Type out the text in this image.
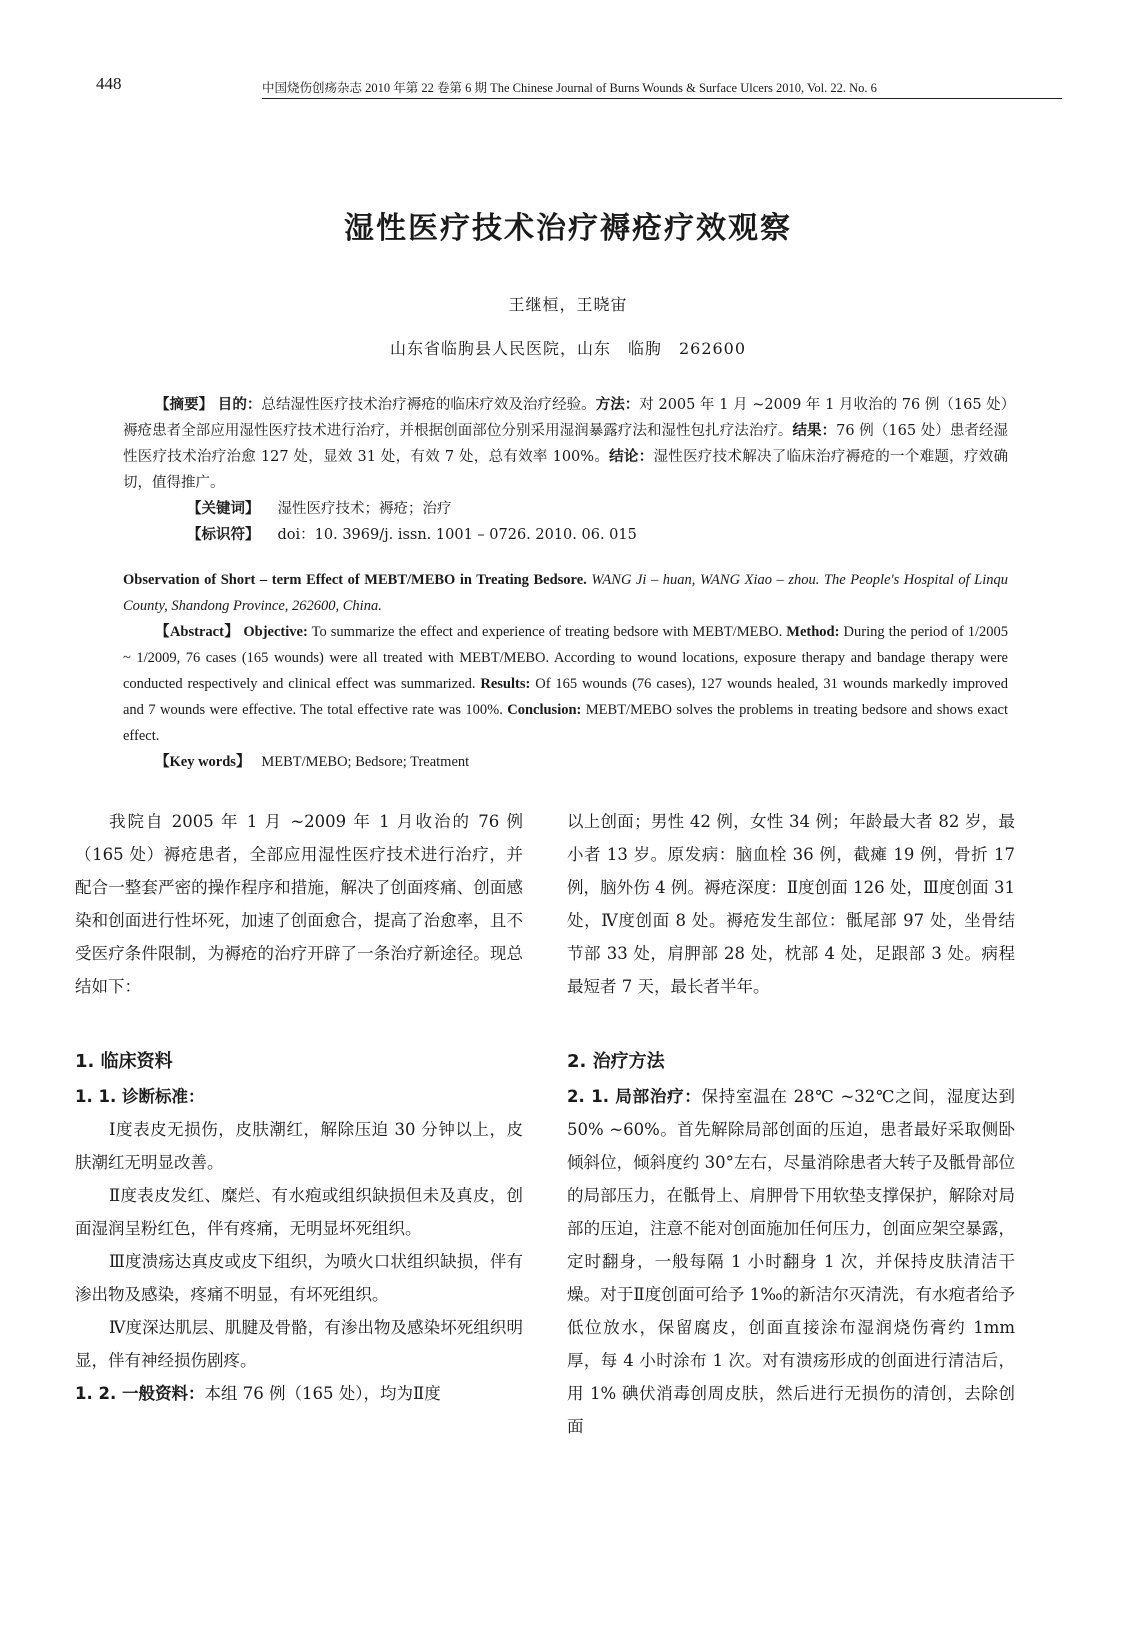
448	中国烧伤创疡杂志 2010 年第 22 卷第 6 期 The Chinese Journal of Burns Wounds & Surface Ulcers 2010, Vol. 22. No. 6
湿性医疗技术治疗褥疮疗效观察
王继桓，王晓宙
山东省临朐县人民医院，山东　临朐　262600

【摘要】 目的：总结湿性医疗技术治疗褥疮的临床疗效及治疗经验。方法：对 2005 年 1 月 ~2009 年 1 月收治的 76 例（165 处）褥疮患者全部应用湿性医疗技术进行治疗，并根据创面部位分别采用湿润暴露疗法和湿性包扎疗法治疗。结果：76 例（165 处）患者经湿性医疗技术治疗治愈 127 处，显效 31 处，有效 7 处，总有效率 100%。结论：湿性医疗技术解决了临床治疗褥疮的一个难题，疗效确切，值得推广。

【关键词】 湿性医疗技术；褥疮；治疗

【标识符】 doi：10. 3969/j. issn. 1001 – 0726. 2010. 06. 015

Observation of Short – term Effect of MEBT/MEBO in Treating Bedsore. WANG Ji – huan, WANG Xiao – zhou. The People's Hospital of Linqu County, Shandong Province, 262600, China.

【Abstract】 Objective: To summarize the effect and experience of treating bedsore with MEBT/MEBO. Method: During the period of 1/2005 ~ 1/2009, 76 cases (165 wounds) were all treated with MEBT/MEBO. According to wound locations, exposure therapy and bandage therapy were conducted respectively and clinical effect was summarized. Results: Of 165 wounds (76 cases), 127 wounds healed, 31 wounds markedly improved and 7 wounds were effective. The total effective rate was 100%. Conclusion: MEBT/MEBO solves the problems in treating bedsore and shows exact effect.

【Key words】 MEBT/MEBO; Bedsore; Treatment

我院自 2005 年 1 月 ~2009 年 1 月收治的 76 例（165 处）褥疮患者，全部应用湿性医疗技术进行治疗，并配合一整套严密的操作程序和措施，解决了创面疼痛、创面感染和创面进行性坏死，加速了创面愈合，提高了治愈率，且不受医疗条件限制，为褥疮的治疗开辟了一条治疗新途径。现总结如下：

1. 临床资料

1. 1. 诊断标准：

Ⅰ度表皮无损伤，皮肤潮红，解除压迫 30 分钟以上，皮肤潮红无明显改善。

Ⅱ度表皮发红、糜烂、有水疱或组织缺损但未及真皮，创面湿润呈粉红色，伴有疼痛，无明显坏死组织。

Ⅲ度溃疡达真皮或皮下组织，为喷火口状组织缺损，伴有渗出物及感染，疼痛不明显，有坏死组织。

Ⅳ度深达肌层、肌腱及骨骼，有渗出物及感染坏死组织明显，伴有神经损伤剧疼。

1. 2. 一般资料：本组 76 例（165 处），均为Ⅱ度

以上创面；男性 42 例，女性 34 例；年龄最大者 82 岁，最小者 13 岁。原发病：脑血栓 36 例，截瘫 19 例，骨折 17 例，脑外伤 4 例。褥疮深度：Ⅱ度创面 126 处，Ⅲ度创面 31 处，Ⅳ度创面 8 处。褥疮发生部位：骶尾部 97 处，坐骨结节部 33 处，肩胛部 28 处，枕部 4 处，足跟部 3 处。病程最短者 7 天，最长者半年。

2. 治疗方法

2. 1. 局部治疗：保持室温在 28℃ ~32℃之间，湿度达到 50% ~60%。首先解除局部创面的压迫，患者最好采取侧卧倾斜位，倾斜度约 30°左右，尽量消除患者大转子及骶骨部位的局部压力，在骶骨上、肩胛骨下用软垫支撑保护，解除对局部的压迫，注意不能对创面施加任何压力，创面应架空暴露，定时翻身，一般每隔 1 小时翻身 1 次，并保持皮肤清洁干燥。对于Ⅱ度创面可给予 1‰的新洁尔灭清洗，有水疱者给予低位放水，保留腐皮，创面直接涂布湿润烧伤膏约 1mm 厚，每 4 小时涂布 1 次。对有溃疡形成的创面进行清洁后，用 1% 碘伏消毒创周皮肤，然后进行无损伤的清创，去除创面
